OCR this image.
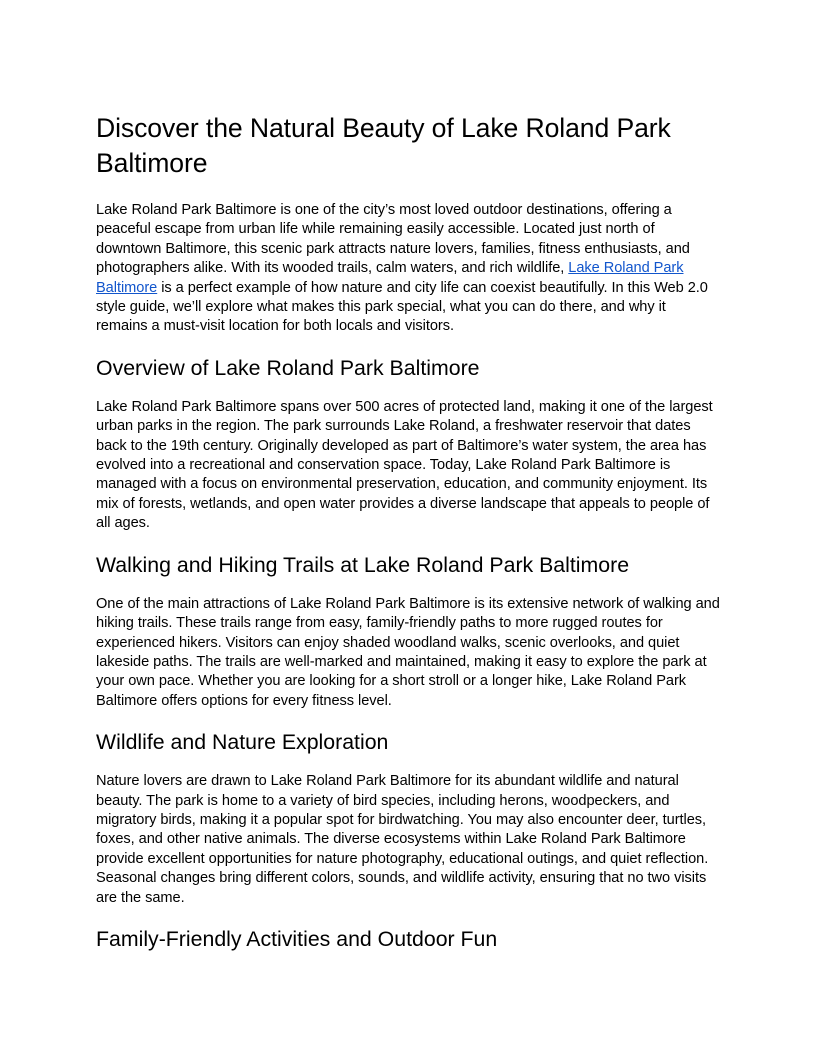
Discover the Natural Beauty of Lake Roland Park Baltimore

Lake Roland Park Baltimore is one of the city’s most loved outdoor destinations, offering a peaceful escape from urban life while remaining easily accessible. Located just north of downtown Baltimore, this scenic park attracts nature lovers, families, fitness enthusiasts, and photographers alike. With its wooded trails, calm waters, and rich wildlife, Lake Roland Park Baltimore is a perfect example of how nature and city life can coexist beautifully. In this Web 2.0 style guide, we’ll explore what makes this park special, what you can do there, and why it remains a must-visit location for both locals and visitors.

Overview of Lake Roland Park Baltimore

Lake Roland Park Baltimore spans over 500 acres of protected land, making it one of the largest urban parks in the region. The park surrounds Lake Roland, a freshwater reservoir that dates back to the 19th century. Originally developed as part of Baltimore’s water system, the area has evolved into a recreational and conservation space. Today, Lake Roland Park Baltimore is managed with a focus on environmental preservation, education, and community enjoyment. Its mix of forests, wetlands, and open water provides a diverse landscape that appeals to people of all ages.

Walking and Hiking Trails at Lake Roland Park Baltimore

One of the main attractions of Lake Roland Park Baltimore is its extensive network of walking and hiking trails. These trails range from easy, family-friendly paths to more rugged routes for experienced hikers. Visitors can enjoy shaded woodland walks, scenic overlooks, and quiet lakeside paths. The trails are well-marked and maintained, making it easy to explore the park at your own pace. Whether you are looking for a short stroll or a longer hike, Lake Roland Park Baltimore offers options for every fitness level.

Wildlife and Nature Exploration

Nature lovers are drawn to Lake Roland Park Baltimore for its abundant wildlife and natural beauty. The park is home to a variety of bird species, including herons, woodpeckers, and migratory birds, making it a popular spot for birdwatching. You may also encounter deer, turtles, foxes, and other native animals. The diverse ecosystems within Lake Roland Park Baltimore provide excellent opportunities for nature photography, educational outings, and quiet reflection. Seasonal changes bring different colors, sounds, and wildlife activity, ensuring that no two visits are the same.

Family-Friendly Activities and Outdoor Fun
